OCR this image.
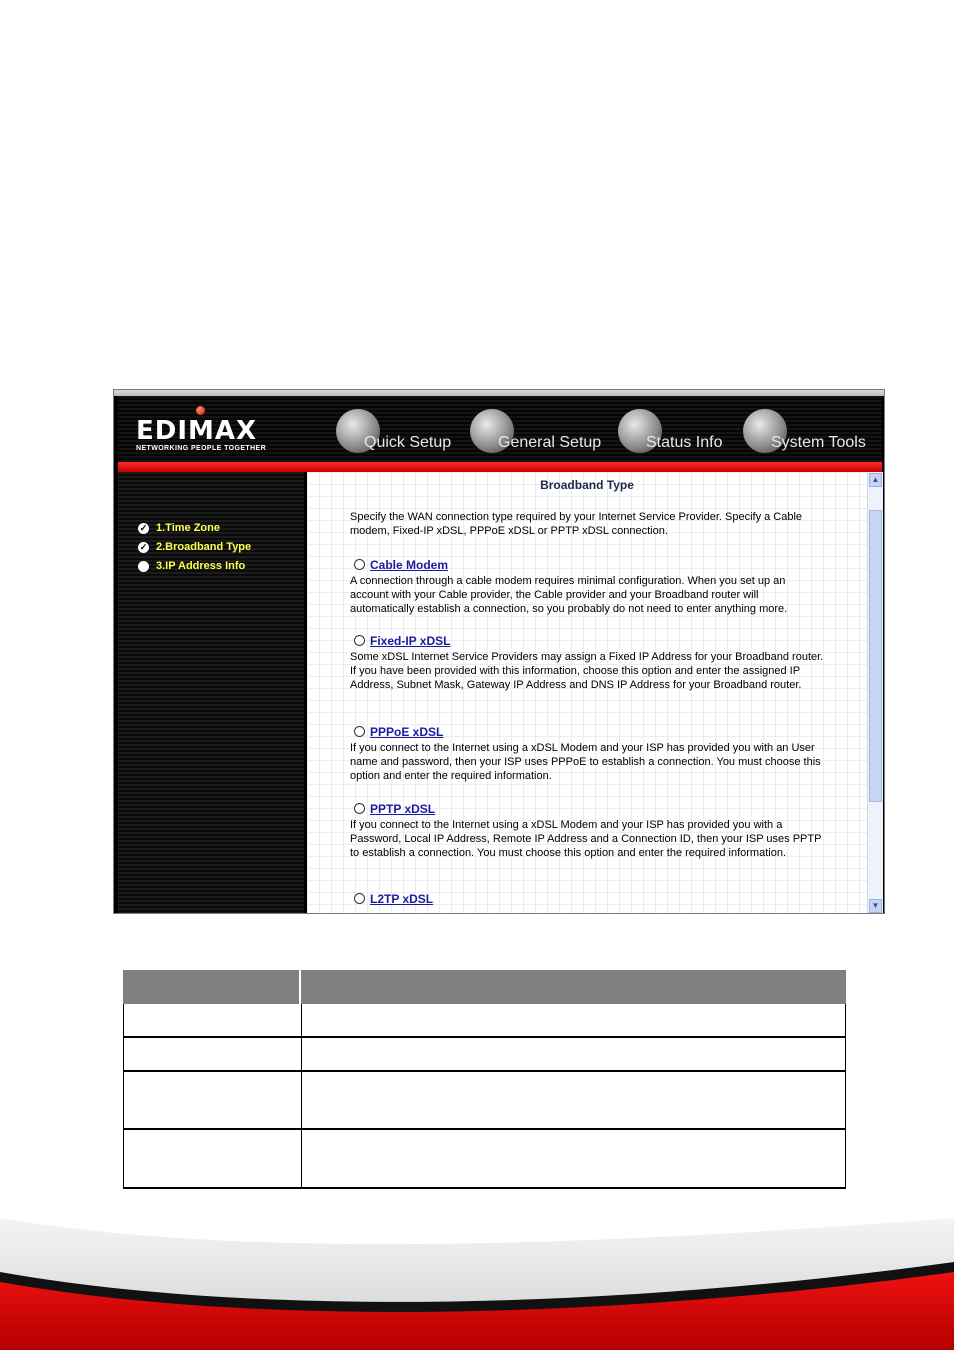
EDIMAX
NETWORKING PEOPLE TOGETHER	Quick Setup	General Setup	Status Info	System Tools
✓ 1.Time Zone
✓ 2.Broadband Type
3.IP Address Info
Broadband Type
Specify the WAN connection type required by your Internet Service Provider. Specify a Cable modem, Fixed-IP xDSL, PPPoE xDSL or PPTP xDSL connection.
Cable Modem
A connection through a cable modem requires minimal configuration. When you set up an account with your Cable provider, the Cable provider and your Broadband router will automatically establish a connection, so you probably do not need to enter anything more.
Fixed-IP xDSL
Some xDSL Internet Service Providers may assign a Fixed IP Address for your Broadband router. If you have been provided with this information, choose this option and enter the assigned IP Address, Subnet Mask, Gateway IP Address and DNS IP Address for your Broadband router.
PPPoE xDSL
If you connect to the Internet using a xDSL Modem and your ISP has provided you with an User name and password, then your ISP uses PPPoE to establish a connection. You must choose this option and enter the required information.
PPTP xDSL
If you connect to the Internet using a xDSL Modem and your ISP has provided you with a Password, Local IP Address, Remote IP Address and a Connection ID, then your ISP uses PPTP to establish a connection. You must choose this option and enter the required information.
L2TP xDSL
▲
▼
